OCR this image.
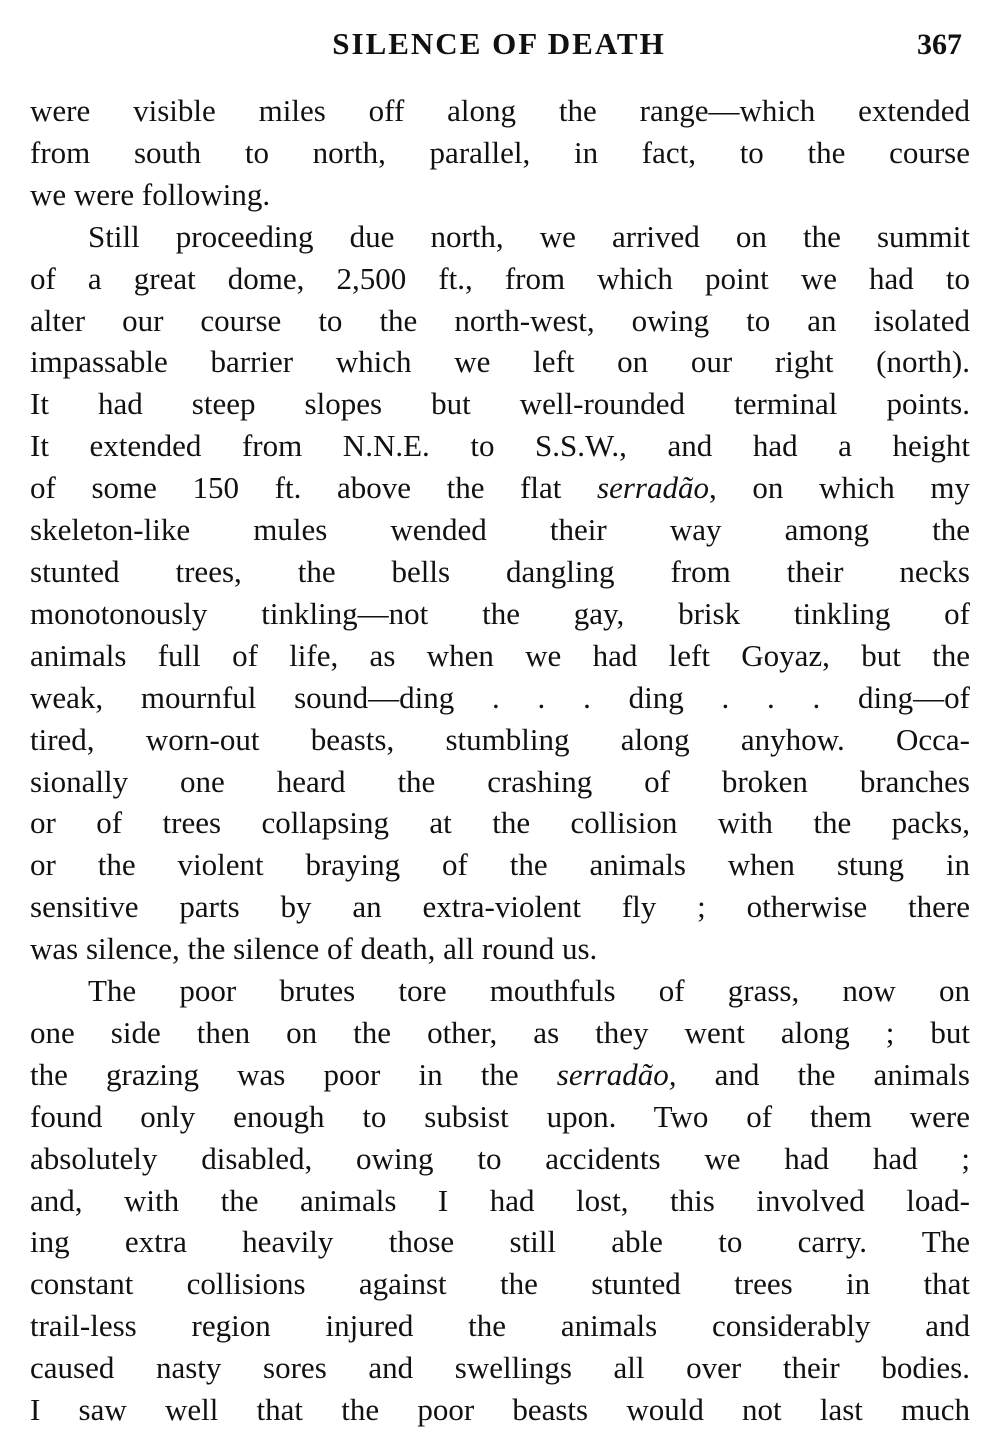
SILENCE OF DEATH	367
were visible miles off along the range—which extended
from south to north, parallel, in fact, to the course
we were following.
Still proceeding due north, we arrived on the summit
of a great dome, 2,500 ft., from which point we had to
alter our course to the north-west, owing to an isolated
impassable barrier which we left on our right (north).
It had steep slopes but well-rounded terminal points.
It extended from N.N.E. to S.S.W., and had a height
of some 150 ft. above the flat serradão, on which my
skeleton-like mules wended their way among the
stunted trees, the bells dangling from their necks
monotonously tinkling—not the gay, brisk tinkling of
animals full of life, as when we had left Goyaz, but the
weak, mournful sound—ding . . . ding . . . ding—of
tired, worn-out beasts, stumbling along anyhow. Occa-
sionally one heard the crashing of broken branches
or of trees collapsing at the collision with the packs,
or the violent braying of the animals when stung in
sensitive parts by an extra-violent fly ; otherwise there
was silence, the silence of death, all round us.
The poor brutes tore mouthfuls of grass, now on
one side then on the other, as they went along ; but
the grazing was poor in the serradão, and the animals
found only enough to subsist upon. Two of them were
absolutely disabled, owing to accidents we had had ;
and, with the animals I had lost, this involved load-
ing extra heavily those still able to carry. The
constant collisions against the stunted trees in that
trail-less region injured the animals considerably and
caused nasty sores and swellings all over their bodies.
I saw well that the poor beasts would not last much
